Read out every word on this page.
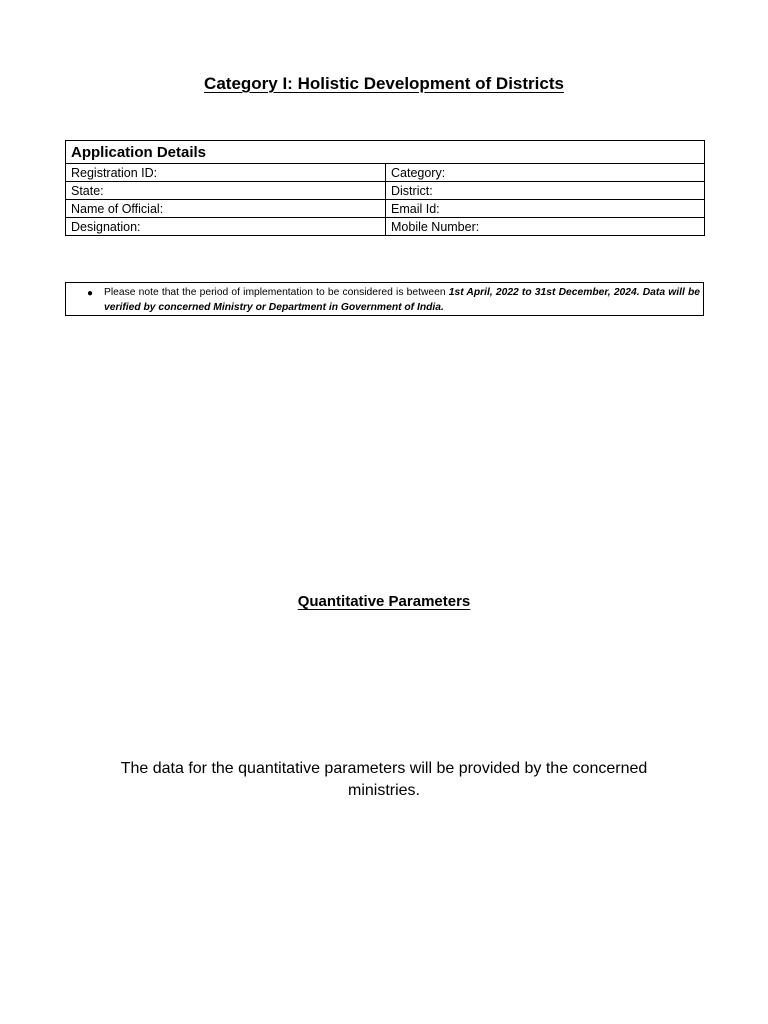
Category I: Holistic Development of Districts
Application Details	
Registration ID:	Category:
State:	District:
Name of Official:	Email Id:
Designation:	Mobile Number:
● Please note that the period of implementation to be considered is between 1st April, 2022 to 31st December, 2024. Data will be verified by concerned Ministry or Department in Government of India.
Quantitative Parameters
The data for the quantitative parameters will be provided by the concerned ministries.
